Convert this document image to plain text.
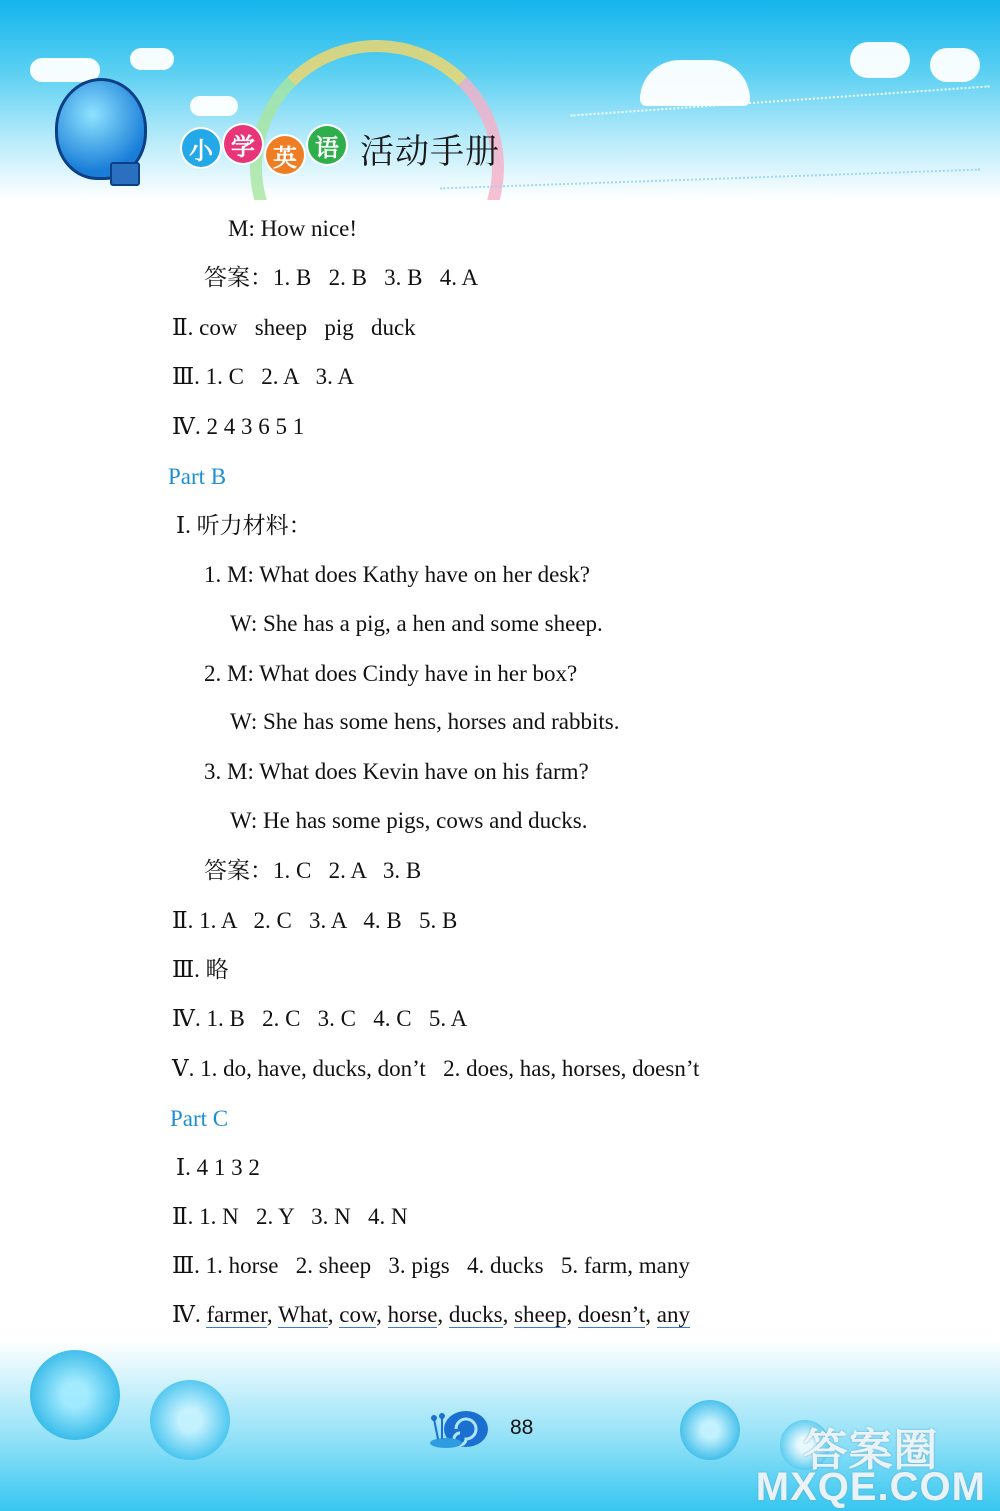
小 学 英 语 活动手册
M: How nice!
答案：1. B   2. B   3. B   4. A
Ⅱ. cow   sheep   pig   duck
Ⅲ. 1. C   2. A   3. A
Ⅳ. 2 4 3 6 5 1
Part B
Ⅰ. 听力材料：
1. M: What does Kathy have on her desk?
W: She has a pig, a hen and some sheep.
2. M: What does Cindy have in her box?
W: She has some hens, horses and rabbits.
3. M: What does Kevin have on his farm?
W: He has some pigs, cows and ducks.
答案：1. C   2. A   3. B
Ⅱ. 1. A   2. C   3. A   4. B   5. B
Ⅲ. 略
Ⅳ. 1. B   2. C   3. C   4. C   5. A
Ⅴ. 1. do, have, ducks, don’t   2. does, has, horses, doesn’t
Part C
Ⅰ. 4 1 3 2
Ⅱ. 1. N   2. Y   3. N   4. N
Ⅲ. 1. horse   2. sheep   3. pigs   4. ducks   5. farm, many
Ⅳ. farmer, What, cow, horse, ducks, sheep, doesn’t, any
88	答案圈
MXQE.COM
